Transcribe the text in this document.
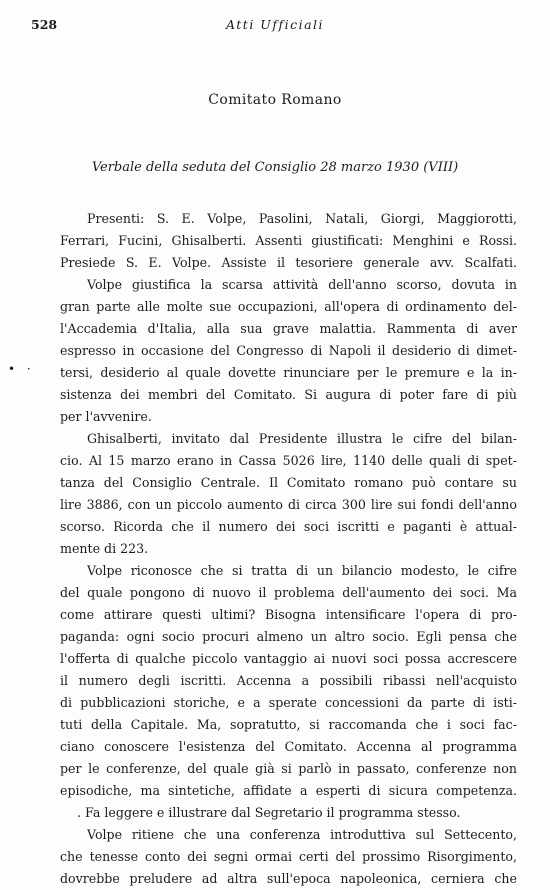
528	Atti Ufficiali
Comitato Romano
Verbale della seduta del Consiglio 28 marzo 1930 (VIII)
• ·
Presenti: S. E. Volpe, Pasolini, Natali, Giorgi, Maggiorotti,
Ferrari, Fucini, Ghisalberti. Assenti giustificati: Menghini e Rossi.
Presiede S. E. Volpe. Assiste il tesoriere generale avv. Scalfati.
Volpe giustifica la scarsa attività dell'anno scorso, dovuta in
gran parte alle molte sue occupazioni, all'opera di ordinamento del-
l'Accademia d'Italia, alla sua grave malattia. Rammenta di aver
espresso in occasione del Congresso di Napoli il desiderio di dimet-
tersi, desiderio al quale dovette rinunciare per le premure e la in-
sistenza dei membri del Comitato. Si augura di poter fare di più
per l'avvenire.
Ghisalberti, invitato dal Presidente illustra le cifre del bilan-
cio. Al 15 marzo erano in Cassa 5026 lire, 1140 delle quali di spet-
tanza del Consiglio Centrale. Il Comitato romano può contare su
lire 3886, con un piccolo aumento di circa 300 lire sui fondi dell'anno
scorso. Ricorda che il numero dei soci iscritti e paganti è attual-
mente di 223.
Volpe riconosce che si tratta di un bilancio modesto, le cifre
del quale pongono di nuovo il problema dell'aumento dei soci. Ma
come attirare questi ultimi? Bisogna intensificare l'opera di pro-
paganda: ogni socio procuri almeno un altro socio. Egli pensa che
l'offerta di qualche piccolo vantaggio ai nuovi soci possa accrescere
il numero degli iscritti. Accenna a possibili ribassi nell'acquisto
di pubblicazioni storiche, e a sperate concessioni da parte di isti-
tuti della Capitale. Ma, sopratutto, si raccomanda che i soci fac-
ciano conoscere l'esistenza del Comitato. Accenna al programma
per le conferenze, del quale già si parlò in passato, conferenze non
episodiche, ma sintetiche, affidate a esperti di sicura competenza.
. Fa leggere e illustrare dal Segretario il programma stesso.
Volpe ritiene che una conferenza introduttiva sul Settecento,
che tenesse conto dei segni ormai certi del prossimo Risorgimento,
dovrebbe preludere ad altra sull'epoca napoleonica, cerniera che
